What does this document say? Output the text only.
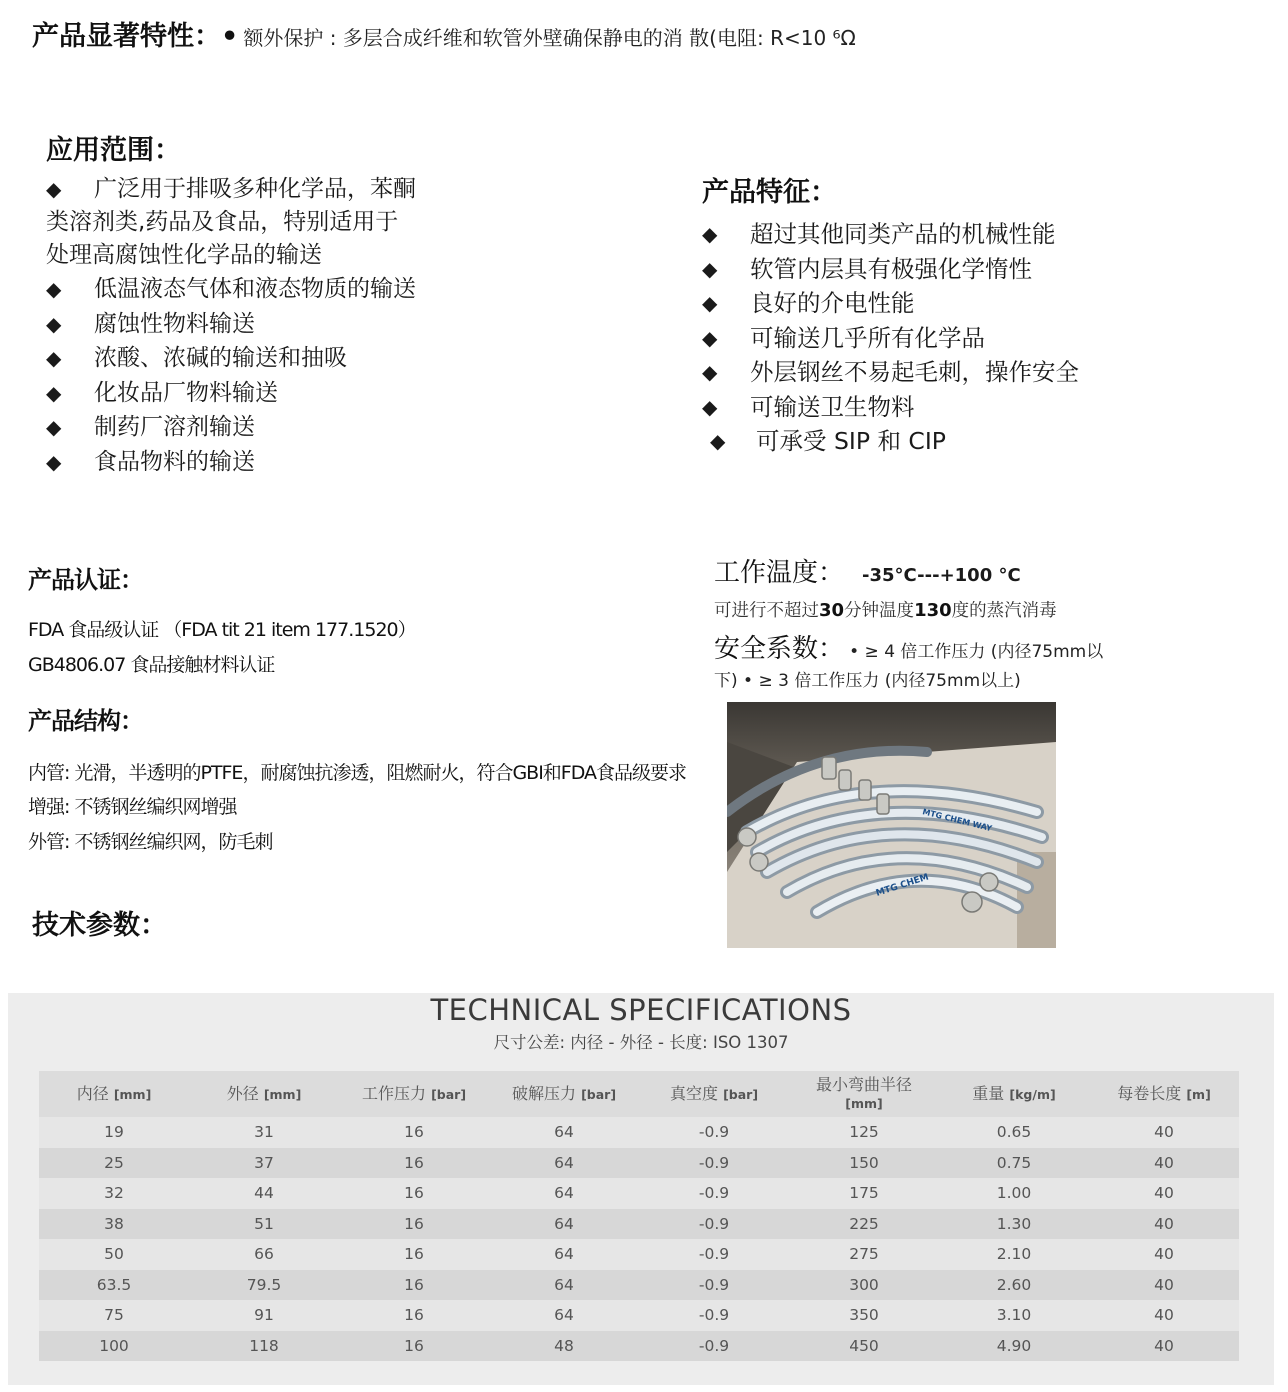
产品显著特性：• 额外保护 : 多层合成纤维和软管外壁确保静电的消 散(电阻: R<10 ⁶Ω
应用范围：
◆	广泛用于排吸多种化学品，苯酮
类溶剂类,药品及食品，特别适用于
处理高腐蚀性化学品的输送
◆	低温液态气体和液态物质的输送
◆	腐蚀性物料输送
◆	浓酸、浓碱的输送和抽吸
◆	化妆品厂物料输送
◆	制药厂溶剂输送
◆	食品物料的输送
产品特征：
◆	超过其他同类产品的机械性能
◆	软管内层具有极强化学惰性
◆	良好的介电性能
◆	可输送几乎所有化学品
◆	外层钢丝不易起毛刺，操作安全
◆	可输送卫生物料
◆	可承受 SIP 和 CIP
产品认证：
FDA 食品级认证 （FDA tit 21 item 177.1520）
GB4806.07 食品接触材料认证
产品结构：
内管: 光滑，半透明的PTFE，耐腐蚀抗渗透，阻燃耐火，符合GBI和FDA食品级要求
增强: 不锈钢丝编织网增强
外管: 不锈钢丝编织网，防毛刺
技术参数：
工作温度： -35°C---+100 °C
可进行不超过30分钟温度130度的蒸汽消毒
安全系数： • ≥ 4 倍工作压力 (内径75mm以
下) • ≥ 3 倍工作压力 (内径75mm以上)
MTG CHEM
MTG CHEM WAY
TECHNICAL SPECIFICATIONS
尺寸公差: 内径 - 外径 - 长度: ISO 1307
内径 [mm]	外径 [mm]	工作压力 [bar]	破解压力 [bar]	真空度 [bar]	最小弯曲半径
[mm]	重量 [kg/m]	每卷长度 [m]
19	31	16	64	-0.9	125	0.65	40
25	37	16	64	-0.9	150	0.75	40
32	44	16	64	-0.9	175	1.00	40
38	51	16	64	-0.9	225	1.30	40
50	66	16	64	-0.9	275	2.10	40
63.5	79.5	16	64	-0.9	300	2.60	40
75	91	16	64	-0.9	350	3.10	40
100	118	16	48	-0.9	450	4.90	40
